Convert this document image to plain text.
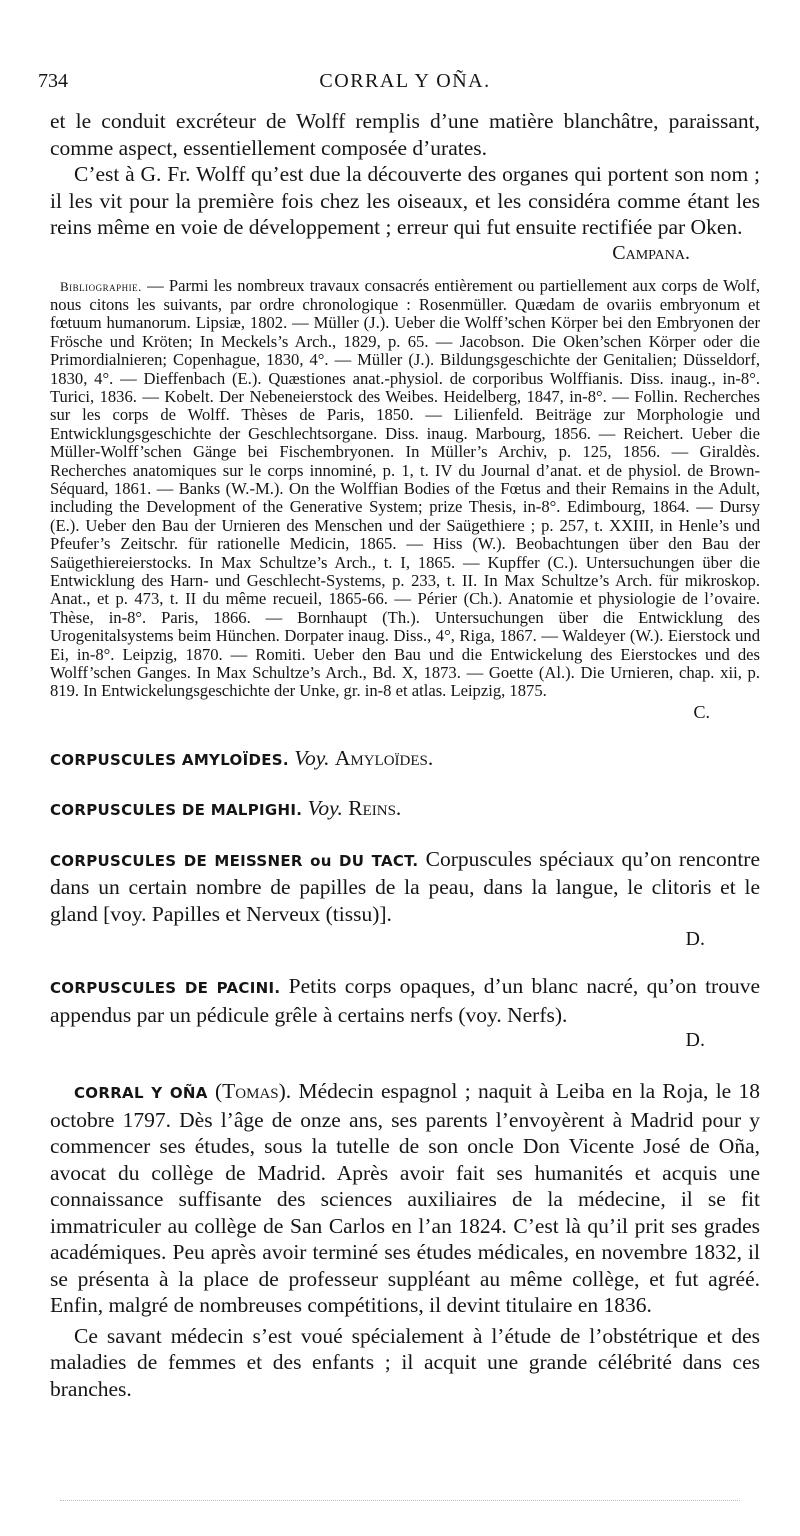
734	CORRAL Y OÑA.

et le conduit excréteur de Wolff remplis d’une matière blanchâtre, paraissant, comme aspect, essentiellement composée d’urates.

C’est à G. Fr. Wolff qu’est due la découverte des organes qui portent son nom ; il les vit pour la première fois chez les oiseaux, et les considéra comme étant les reins même en voie de développement ; erreur qui fut ensuite rectifiée par Oken.

Campana.

Bibliographie. — Parmi les nombreux travaux consacrés entièrement ou partiellement aux corps de Wolf, nous citons les suivants, par ordre chronologique : Rosenmüller. Quædam de ovariis embryonum et fœtuum humanorum. Lipsiæ, 1802. — Müller (J.). Ueber die Wolff’schen Körper bei den Embryonen der Frösche und Kröten; In Meckels’s Arch., 1829, p. 65. — Jacobson. Die Oken’schen Körper oder die Primordialnieren; Copenhague, 1830, 4°. — Müller (J.). Bildungsgeschichte der Genitalien; Düsseldorf, 1830, 4°. — Dieffenbach (E.). Quæstiones anat.-physiol. de corporibus Wolffianis. Diss. inaug., in-8°. Turici, 1836. — Kobelt. Der Nebeneierstock des Weibes. Heidelberg, 1847, in-8°. — Follin. Recherches sur les corps de Wolff. Thèses de Paris, 1850. — Lilienfeld. Beiträge zur Morphologie und Entwicklungsgeschichte der Geschlechtsorgane. Diss. inaug. Marbourg, 1856. — Reichert. Ueber die Müller-Wolff’schen Gänge bei Fischembryonen. In Müller’s Archiv, p. 125, 1856. — Giraldès. Recherches anatomiques sur le corps innominé, p. 1, t. IV du Journal d’anat. et de physiol. de Brown-Séquard, 1861. — Banks (W.-M.). On the Wolffian Bodies of the Fœtus and their Remains in the Adult, including the Development of the Generative System; prize Thesis, in-8°. Edimbourg, 1864. — Dursy (E.). Ueber den Bau der Urnieren des Menschen und der Saügethiere ; p. 257, t. XXIII, in Henle’s und Pfeufer’s Zeitschr. für rationelle Medicin, 1865. — Hiss (W.). Beobachtungen über den Bau der Saügethiereierstocks. In Max Schultze’s Arch., t. I, 1865. — Kupffer (C.). Untersuchungen über die Entwicklung des Harn- und Geschlecht-Systems, p. 233, t. II. In Max Schultze’s Arch. für mikroskop. Anat., et p. 473, t. II du même recueil, 1865-66. — Périer (Ch.). Anatomie et physiologie de l’ovaire. Thèse, in-8°. Paris, 1866. — Bornhaupt (Th.). Untersuchungen über die Entwicklung des Urogenitalsystems beim Hünchen. Dorpater inaug. Diss., 4°, Riga, 1867. — Waldeyer (W.). Eierstock und Ei, in-8°. Leipzig, 1870. — Romiti. Ueber den Bau und die Entwickelung des Eierstockes und des Wolff’schen Ganges. In Max Schultze’s Arch., Bd. X, 1873. — Goette (Al.). Die Urnieren, chap. xii, p. 819. In Entwickelungsgeschichte der Unke, gr. in-8 et atlas. Leipzig, 1875.

C.

CORPUSCULES AMYLOÏDES. Voy. Amyloïdes.

CORPUSCULES DE MALPIGHI. Voy. Reins.

CORPUSCULES DE MEISSNER ou DU TACT. Corpuscules spéciaux qu’on rencontre dans un certain nombre de papilles de la peau, dans la langue, le clitoris et le gland [voy. Papilles et Nerveux (tissu)].

D.

CORPUSCULES DE PACINI. Petits corps opaques, d’un blanc nacré, qu’on trouve appendus par un pédicule grêle à certains nerfs (voy. Nerfs).

D.

CORRAL Y OÑA (Tomas). Médecin espagnol ; naquit à Leiba en la Roja, le 18 octobre 1797. Dès l’âge de onze ans, ses parents l’envoyèrent à Madrid pour y commencer ses études, sous la tutelle de son oncle Don Vicente José de Oña, avocat du collège de Madrid. Après avoir fait ses humanités et acquis une connaissance suffisante des sciences auxiliaires de la médecine, il se fit immatriculer au collège de San Carlos en l’an 1824. C’est là qu’il prit ses grades académiques. Peu après avoir terminé ses études médicales, en novembre 1832, il se présenta à la place de professeur suppléant au même collège, et fut agréé. Enfin, malgré de nombreuses compétitions, il devint titulaire en 1836.

Ce savant médecin s’est voué spécialement à l’étude de l’obstétrique et des maladies de femmes et des enfants ; il acquit une grande célébrité dans ces branches.
